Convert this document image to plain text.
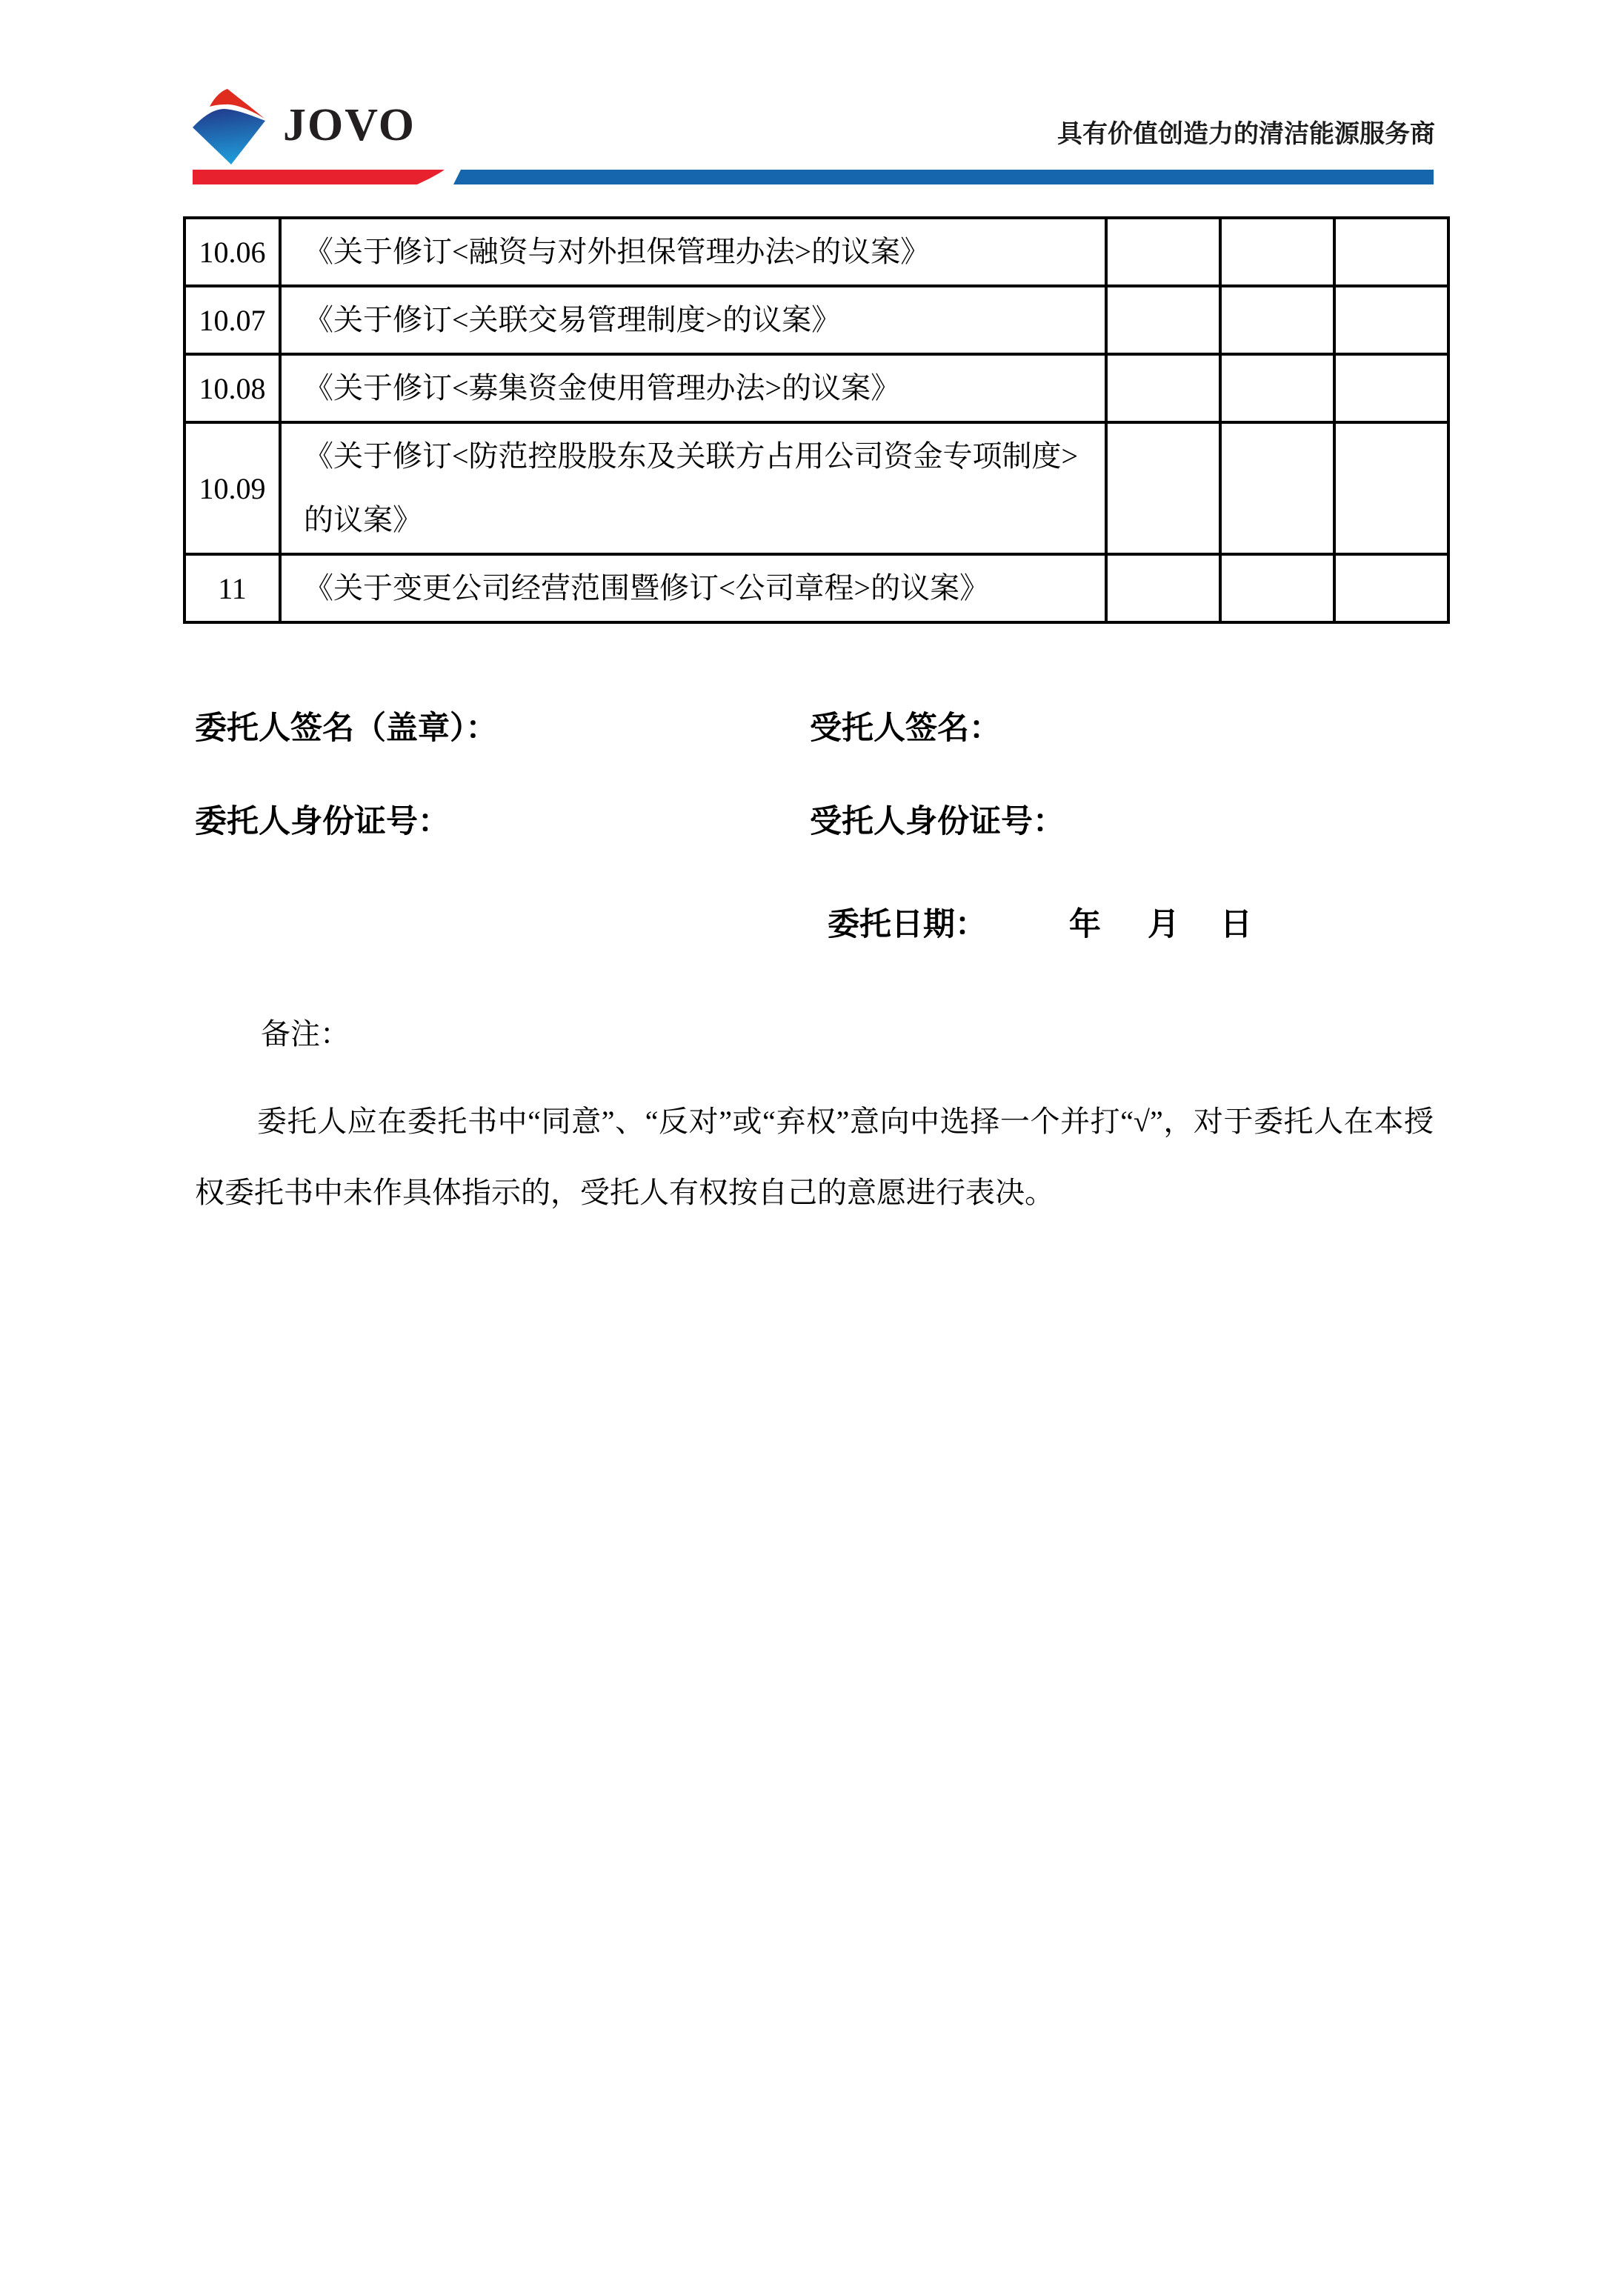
JOVO	具有价值创造力的清洁能源服务商
10.06	《关于修订<融资与对外担保管理办法>的议案》			
10.07	《关于修订<关联交易管理制度>的议案》			
10.08	《关于修订<募集资金使用管理办法>的议案》			
10.09	《关于修订<防范控股股东及关联方占用公司资金专项制度>的议案》			
11	《关于变更公司经营范围暨修订<公司章程>的议案》			
委托人签名（盖章）：	受托人签名：
委托人身份证号：	受托人身份证号：
委托日期：	年 月 日
备注：
委托人应在委托书中“同意”、“反对”或“弃权”意向中选择一个并打“√”，对于委托人在本授权委托书中未作具体指示的，受托人有权按自己的意愿进行表决。
